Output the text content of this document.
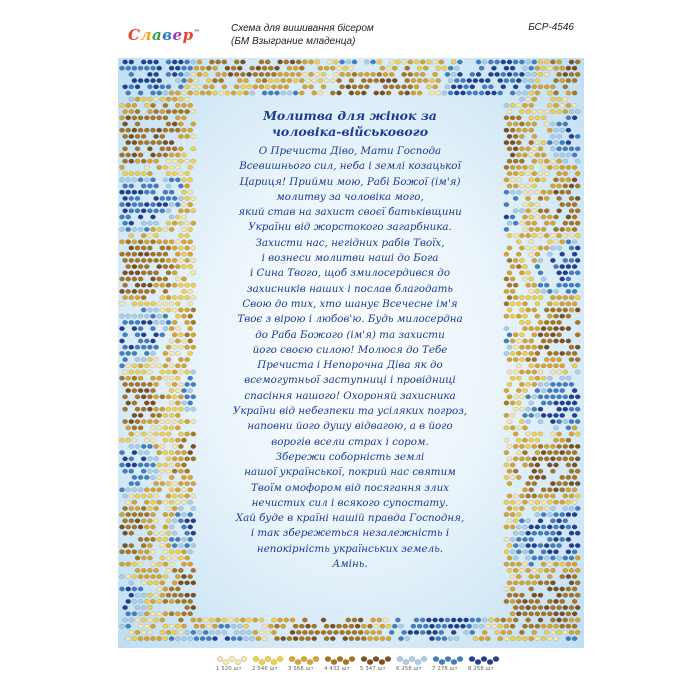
Славер™	Схема для вишивання бісером
(БМ Взыграние младенца)
БСР-4546
Молитва для жінок за
чоловіка-військового
О Пречиста Діво, Мати Господа
Всевишнього сил, неба і землі козацької
Цариця! Прийми мою, Рабі Божої (ім'я)
молитву за чоловіка мого,
який став на захист своєї батьківщини
України від жорстокого загарбника.
Захисти нас, негідних рабів Твоїх,
і вознеси молитви наші до Бога
і Сина Твого, щоб змилосердився до
захисників наших і послав благодать
Свою до тих, хто шанує Всечесне ім'я
Твоє з вірою і любов'ю. Будь милосердна
до Раба Божого (ім'я) та захисти
його своєю силою! Молюся до Тебе
Пречиста і Непорочна Діва як до
всемогутньої заступниці і провідниці
спасіння нашого! Охороняй захисника
України від небезпеки та усіляких погроз,
наповни його душу відвагою, а в його
ворогів всели страх і сором.
Збережи соборність землі
нашої української, покрий нас святим
Твоїм омофором від посягання злих
нечистих сил і всякого супостату.
Хай буде в країні нашій правда Господня,
і так збережеться незалежність і
непокірність українських земель.
Амінь.
1 520 шт 2 546 шт 3 568 шт 4 432 шт 5 347 шт 6 258 шт 7 278 шт 8 258 шт
